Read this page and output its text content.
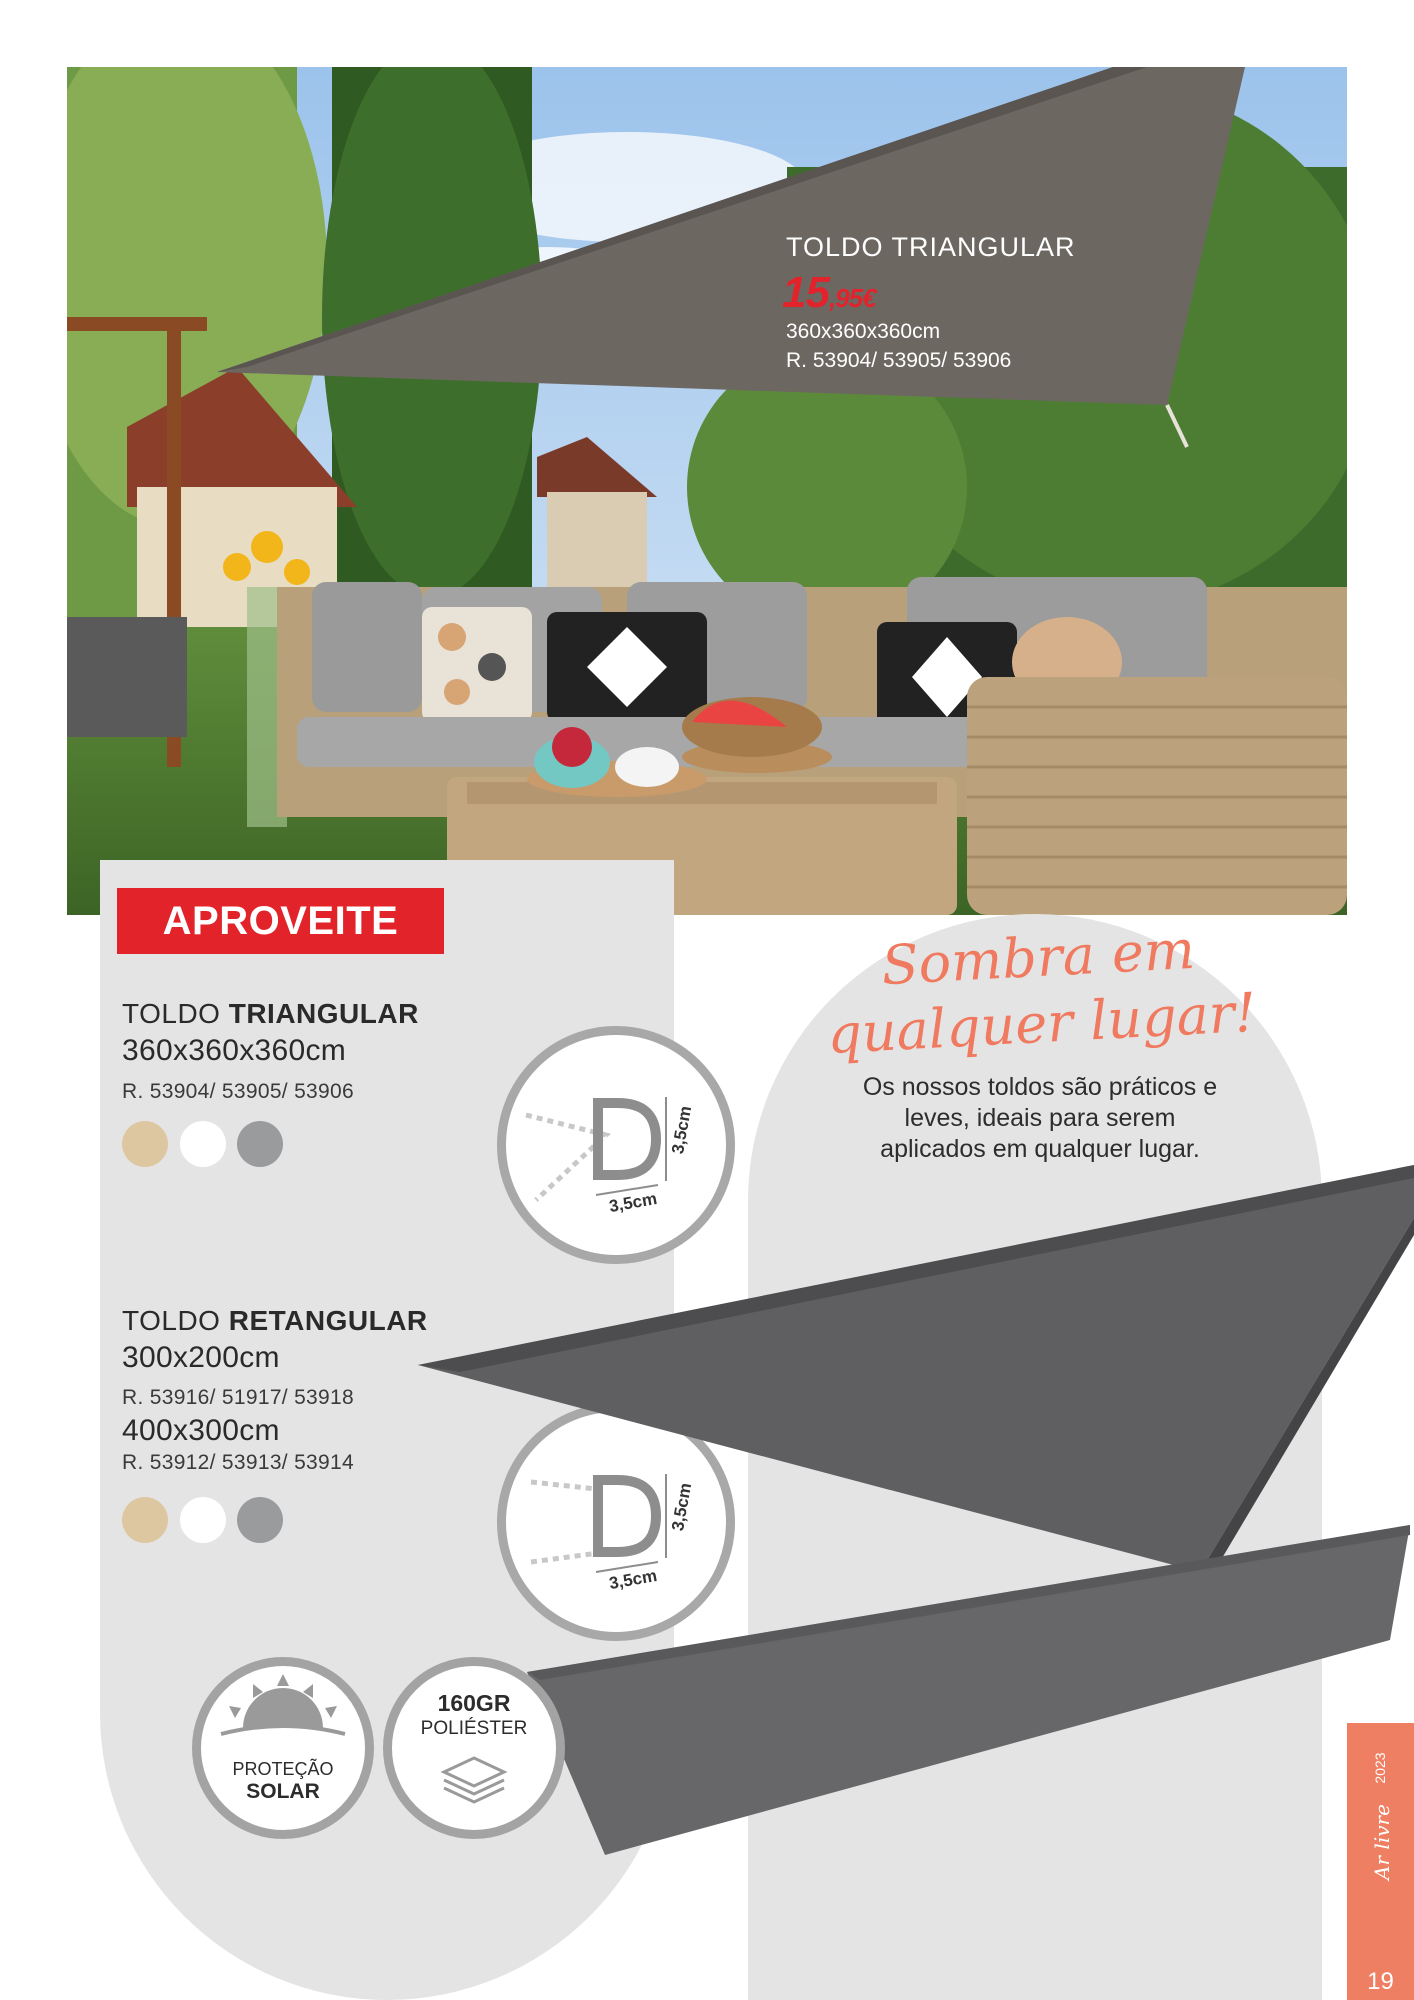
TOLDO TRIANGULAR
15,95€
360x360x360cm
R. 53904/ 53905/ 53906
APROVEITE
TOLDO TRIANGULAR
360x360x360cm
R. 53904/ 53905/ 53906
3,5cm
3,5cm
TOLDO RETANGULAR
300x200cm
R. 53916/ 51917/ 53918
400x300cm
R. 53912/ 53913/ 53914
3,5cm
3,5cm
Sombra em
qualquer lugar!
Os nossos toldos são práticos e
leves, ideais para serem
aplicados em qualquer lugar.
PROTEÇÃO
SOLAR
160GR
POLIÉSTER
Ar livre
2023
19
